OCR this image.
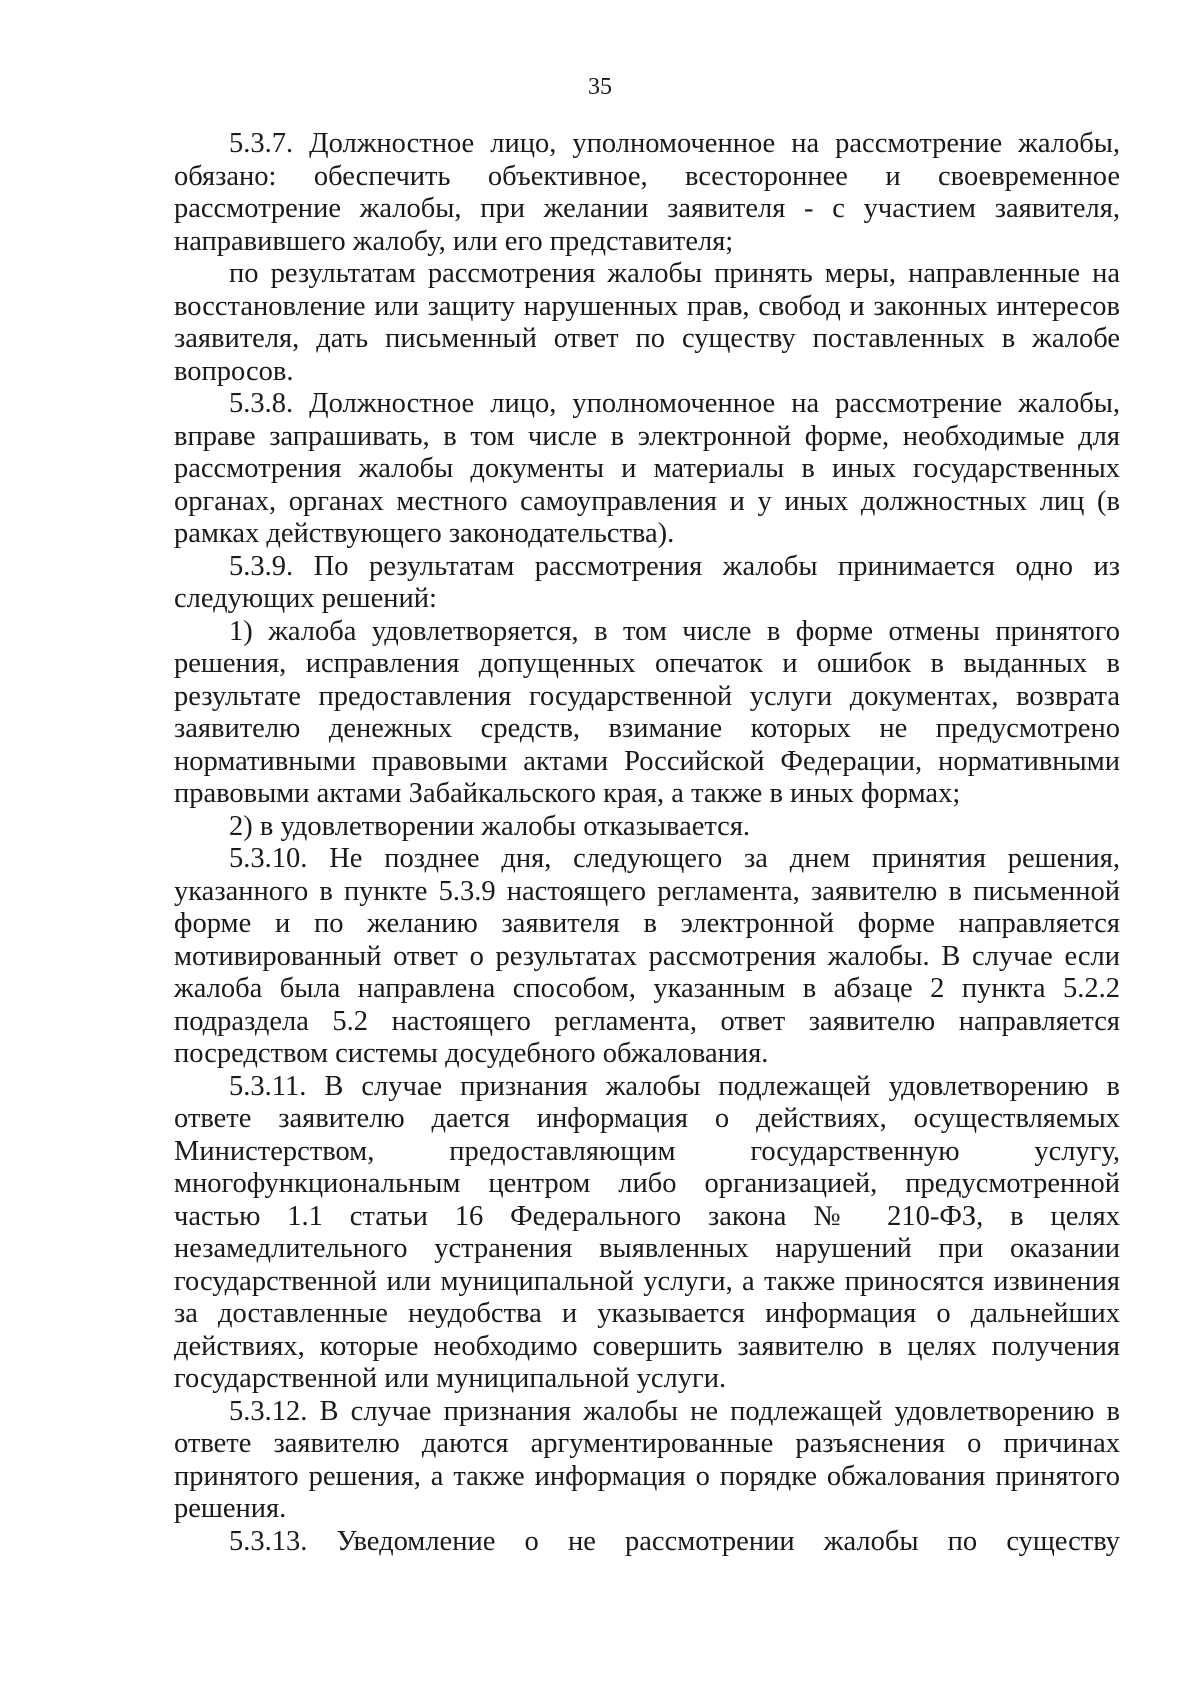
35

5.3.7. Должностное лицо, уполномоченное на рассмотрение жалобы, обязано: обеспечить объективное, всестороннее и своевременное рассмотрение жалобы, при желании заявителя - с участием заявителя, направившего жалобу, или его представителя;

по результатам рассмотрения жалобы принять меры, направленные на восстановление или защиту нарушенных прав, свобод и законных интересов заявителя, дать письменный ответ по существу поставленных в жалобе вопросов.

5.3.8. Должностное лицо, уполномоченное на рассмотрение жалобы, вправе запрашивать, в том числе в электронной форме, необходимые для рассмотрения жалобы документы и материалы в иных государственных органах, органах местного самоуправления и у иных должностных лиц (в рамках действующего законодательства).

5.3.9. По результатам рассмотрения жалобы принимается одно из следующих решений:

1) жалоба удовлетворяется, в том числе в форме отмены принятого решения, исправления допущенных опечаток и ошибок в выданных в результате предоставления государственной услуги документах, возврата заявителю денежных средств, взимание которых не предусмотрено нормативными правовыми актами Российской Федерации, нормативными правовыми актами Забайкальского края, а также в иных формах;

2) в удовлетворении жалобы отказывается.

5.3.10. Не позднее дня, следующего за днем принятия решения, указанного в пункте 5.3.9 настоящего регламента, заявителю в письменной форме и по желанию заявителя в электронной форме направляется мотивированный ответ о результатах рассмотрения жалобы. В случае если жалоба была направлена способом, указанным в абзаце 2 пункта 5.2.2 подраздела 5.2 настоящего регламента, ответ заявителю направляется посредством системы досудебного обжалования.

5.3.11. В случае признания жалобы подлежащей удовлетворению в ответе заявителю дается информация о действиях, осуществляемых Министерством, предоставляющим государственную услугу, многофункциональным центром либо организацией, предусмотренной частью 1.1 статьи 16 Федерального закона № 210-ФЗ, в целях незамедлительного устранения выявленных нарушений при оказании государственной или муниципальной услуги, а также приносятся извинения за доставленные неудобства и указывается информация о дальнейших действиях, которые необходимо совершить заявителю в целях получения государственной или муниципальной услуги.

5.3.12. В случае признания жалобы не подлежащей удовлетворению в ответе заявителю даются аргументированные разъяснения о причинах принятого решения, а также информация о порядке обжалования принятого решения.

5.3.13. Уведомление о не рассмотрении жалобы по существу
